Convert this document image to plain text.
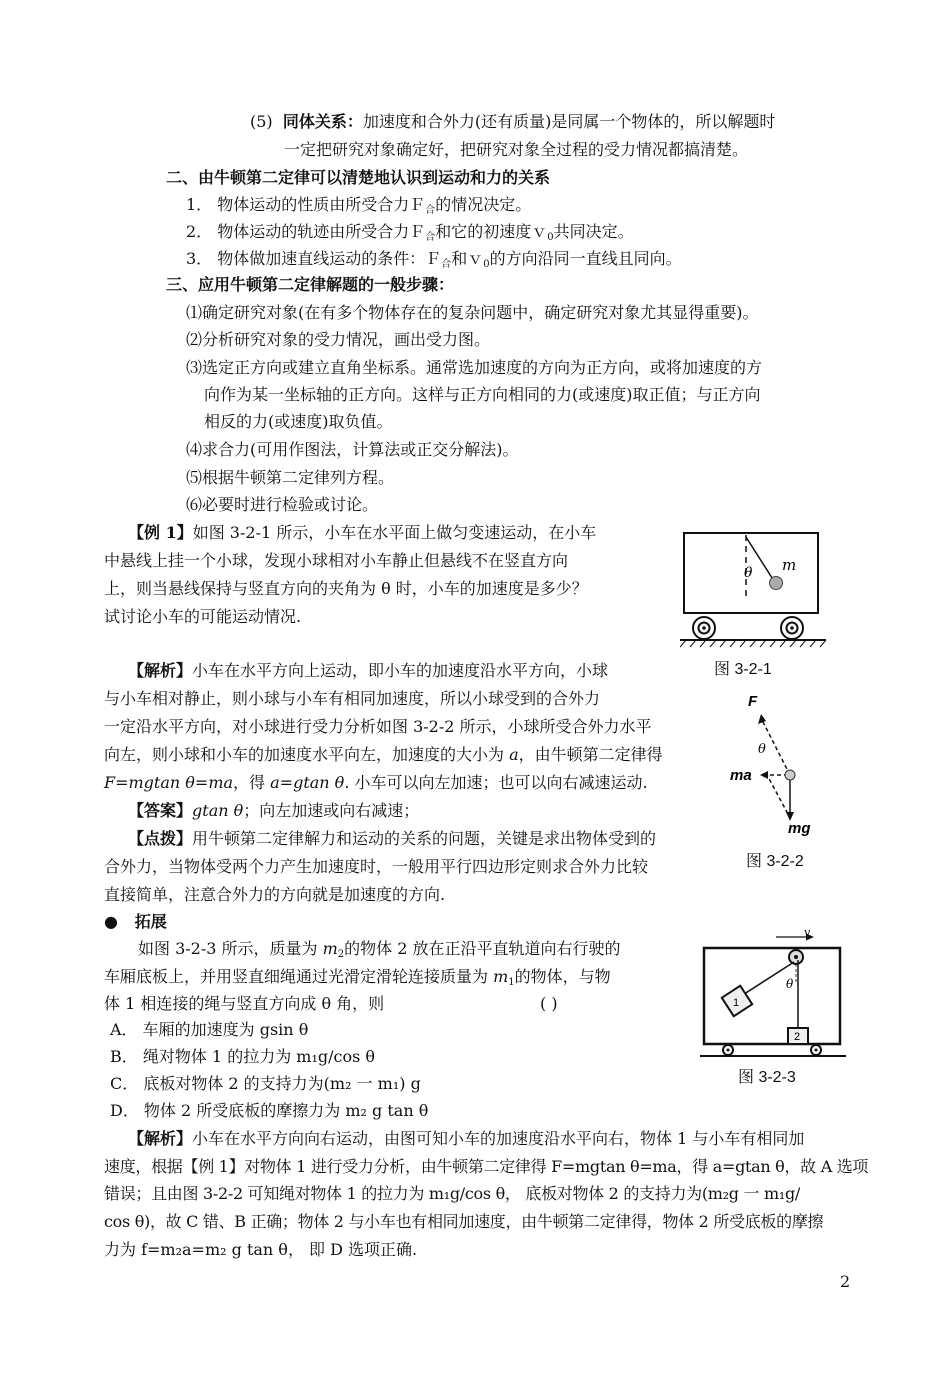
(5) 同体关系：加速度和合外力(还有质量)是同属一个物体的，所以解题时
一定把研究对象确定好，把研究对象全过程的受力情况都搞清楚。
二、由牛顿第二定律可以清楚地认识到运动和力的关系
1． 物体运动的性质由所受合力Ｆ$_合$的情况决定。
2． 物体运动的轨迹由所受合力Ｆ$_合$和它的初速度ｖ$_0$共同决定。
3． 物体做加速直线运动的条件：Ｆ$_合$和ｖ$_0$的方向沿同一直线且同向。
三、应用牛顿第二定律解题的一般步骤：
⑴确定研究对象(在有多个物体存在的复杂问题中，确定研究对象尤其显得重要)。
⑵分析研究对象的受力情况，画出受力图。
⑶选定正方向或建立直角坐标系。通常选加速度的方向为正方向，或将加速度的方
向作为某一坐标轴的正方向。这样与正方向相同的力(或速度)取正值；与正方向
相反的力(或速度)取负值。
⑷求合力(可用作图法，计算法或正交分解法)。
⑸根据牛顿第二定律列方程。
⑹必要时进行检验或讨论。
【例 1】如图 3-2-1 所示，小车在水平面上做匀变速运动，在小车
中悬线上挂一个小球，发现小球相对小车静止但悬线不在竖直方向
上，则当悬线保持与竖直方向的夹角为 θ 时，小车的加速度是多少？
试讨论小车的可能运动情况.
m
θ
图 3-2-1
【解析】小车在水平方向上运动，即小车的加速度沿水平方向，小球
与小车相对静止，则小球与小车有相同加速度，所以小球受到的合外力
一定沿水平方向，对小球进行受力分析如图 3-2-2 所示，小球所受合外力水平
向左，则小球和小车的加速度水平向左，加速度的大小为 a，由牛顿第二定律得
F=mgtan θ=ma，得 a=gtan θ. 小车可以向左加速；也可以向右减速运动.
F
θ
ma
mg
图 3-2-2
【答案】gtan θ；向左加速或向右减速；
【点拨】用牛顿第二定律解力和运动的关系的问题，关键是求出物体受到的
合外力，当物体受两个力产生加速度时，一般用平行四边形定则求合外力比较
直接简单，注意合外力的方向就是加速度的方向.
● 拓展
如图 3-2-3 所示，质量为 $m_2$的物体 2 放在正沿平直轨道向右行驶的
车厢底板上，并用竖直细绳通过光滑定滑轮连接质量为 $m_1$的物体，与物
体 1 相连接的绳与竖直方向成 θ 角，则	( )
A． 车厢的加速度为 gsin θ
B． 绳对物体 1 的拉力为 m₁g/cos θ
C． 底板对物体 2 的支持力为(m₂ 一 m₁) g
D． 物体 2 所受底板的摩擦力为 m₂ g tan θ
v
θ
1
2
图 3-2-3
【解析】小车在水平方向向右运动，由图可知小车的加速度沿水平向右，物体 1 与小车有相同加
速度，根据【例 1】对物体 1 进行受力分析，由牛顿第二定律得 F=mgtan θ=ma，得 a=gtan θ，故 A 选项
错误；且由图 3-2-2 可知绳对物体 1 的拉力为 m₁g/cos θ， 底板对物体 2 的支持力为(m₂g 一 m₁g/
cos θ)，故 C 错、B 正确；物体 2 与小车也有相同加速度，由牛顿第二定律得，物体 2 所受底板的摩擦
力为 f=m₂a=m₂ g tan θ， 即 D 选项正确.
2
